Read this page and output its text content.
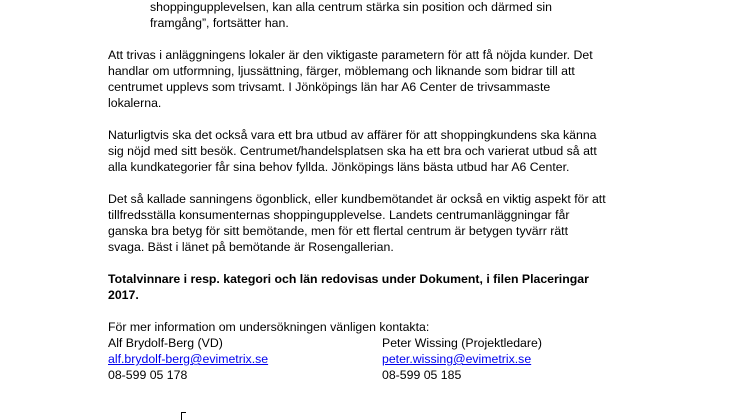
shoppingupplevelsen, kan alla centrum stärka sin position och därmed sin
framgång”, fortsätter han.

Att trivas i anläggningens lokaler är den viktigaste parametern för att få nöjda kunder. Det
handlar om utformning, ljussättning, färger, möblemang och liknande som bidrar till att
centrumet upplevs som trivsamt. I Jönköpings län har A6 Center de trivsammaste
lokalerna.

Naturligtvis ska det också vara ett bra utbud av affärer för att shoppingkundens ska känna
sig nöjd med sitt besök. Centrumet/handelsplatsen ska ha ett bra och varierat utbud så att
alla kundkategorier får sina behov fyllda. Jönköpings läns bästa utbud har A6 Center.

Det så kallade sanningens ögonblick, eller kundbemötandet är också en viktig aspekt för att
tillfredsställa konsumenternas shoppingupplevelse. Landets centrumanläggningar får
ganska bra betyg för sitt bemötande, men för ett flertal centrum är betygen tyvärr rätt
svaga. Bäst i länet på bemötande är Rosengallerian.

Totalvinnare i resp. kategori och län redovisas under Dokument, i filen Placeringar
2017.

För mer information om undersökningen vänligen kontakta:

Alf Brydolf-Berg (VD)
alf.brydolf-berg@evimetrix.se
08-599 05 178
Peter Wissing (Projektledare)
peter.wissing@evimetrix.se
08-599 05 185
